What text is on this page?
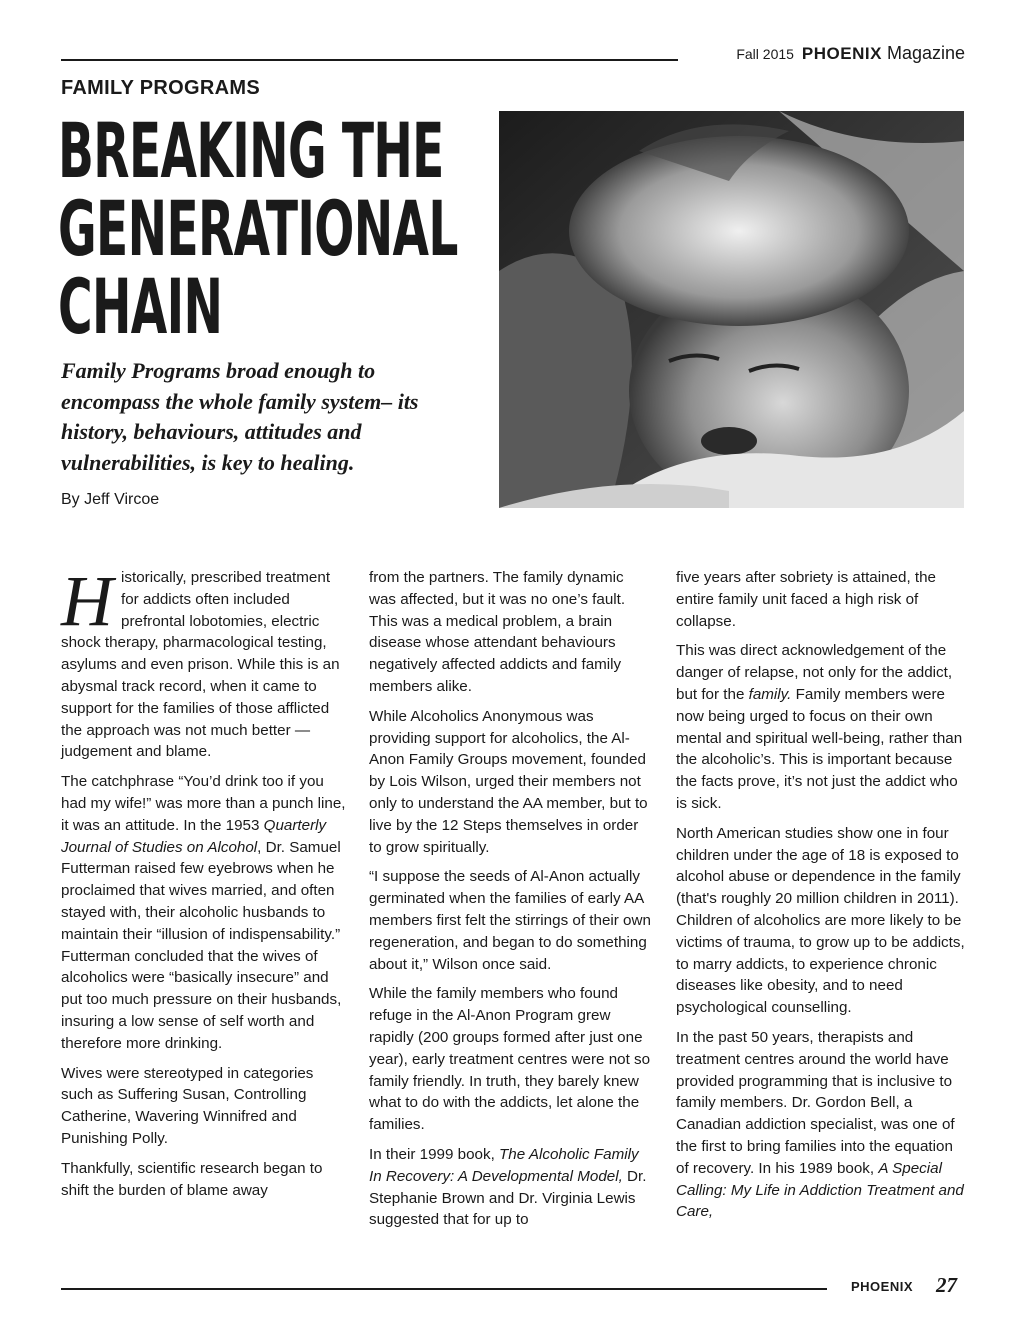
Fall 2015 PHOENIX Magazine
FAMILY PROGRAMS
BREAKING THE
GENERATIONAL
CHAIN
Family Programs broad enough to encompass the whole family system– its history, behaviours, attitudes and vulnerabilities, is key to healing.
By Jeff Vircoe

Historically, prescribed treatment for addicts often included prefrontal lobotomies, electric shock therapy, pharmacological testing, asylums and even prison. While this is an abysmal track record, when it came to support for the families of those afflicted the approach was not much better — judgement and blame.

The catchphrase “You’d drink too if you had my wife!” was more than a punch line, it was an attitude. In the 1953 Quarterly Journal of Studies on Alcohol, Dr. Samuel Futterman raised few eyebrows when he proclaimed that wives married, and often stayed with, their alcoholic husbands to maintain their “illusion of indispensability.” Futterman concluded that the wives of alcoholics were “basically insecure” and put too much pressure on their husbands, insuring a low sense of self worth and therefore more drinking.

Wives were stereotyped in categories such as Suffering Susan, Controlling Catherine, Wavering Winnifred and Punishing Polly.

Thankfully, scientific research began to shift the burden of blame away

from the partners. The family dynamic was affected, but it was no one’s fault. This was a medical problem, a brain disease whose attendant behaviours negatively affected addicts and family members alike.

While Alcoholics Anonymous was providing support for alcoholics, the Al-Anon Family Groups movement, founded by Lois Wilson, urged their members not only to understand the AA member, but to live by the 12 Steps themselves in order to grow spiritually.

“I suppose the seeds of Al-Anon actually germinated when the families of early AA members first felt the stirrings of their own regeneration, and began to do something about it,” Wilson once said.

While the family members who found refuge in the Al-Anon Program grew rapidly (200 groups formed after just one year), early treatment centres were not so family friendly. In truth, they barely knew what to do with the addicts, let alone the families.

In their 1999 book, The Alcoholic Family In Recovery: A Developmental Model, Dr. Stephanie Brown and Dr. Virginia Lewis suggested that for up to

five years after sobriety is attained, the entire family unit faced a high risk of collapse.

This was direct acknowledgement of the danger of relapse, not only for the addict, but for the family. Family members were now being urged to focus on their own mental and spiritual well-being, rather than the alcoholic’s. This is important because the facts prove, it’s not just the addict who is sick.

North American studies show one in four children under the age of 18 is exposed to alcohol abuse or dependence in the family (that's roughly 20 million children in 2011). Children of alcoholics are more likely to be victims of trauma, to grow up to be addicts, to marry addicts, to experience chronic diseases like obesity, and to need psychological counselling.

In the past 50 years, therapists and treatment centres around the world have provided programming that is inclusive to family members. Dr. Gordon Bell, a Canadian addiction specialist, was one of the first to bring families into the equation of recovery. In his 1989 book, A Special Calling: My Life in Addiction Treatment and Care,

PHOENIX 27
